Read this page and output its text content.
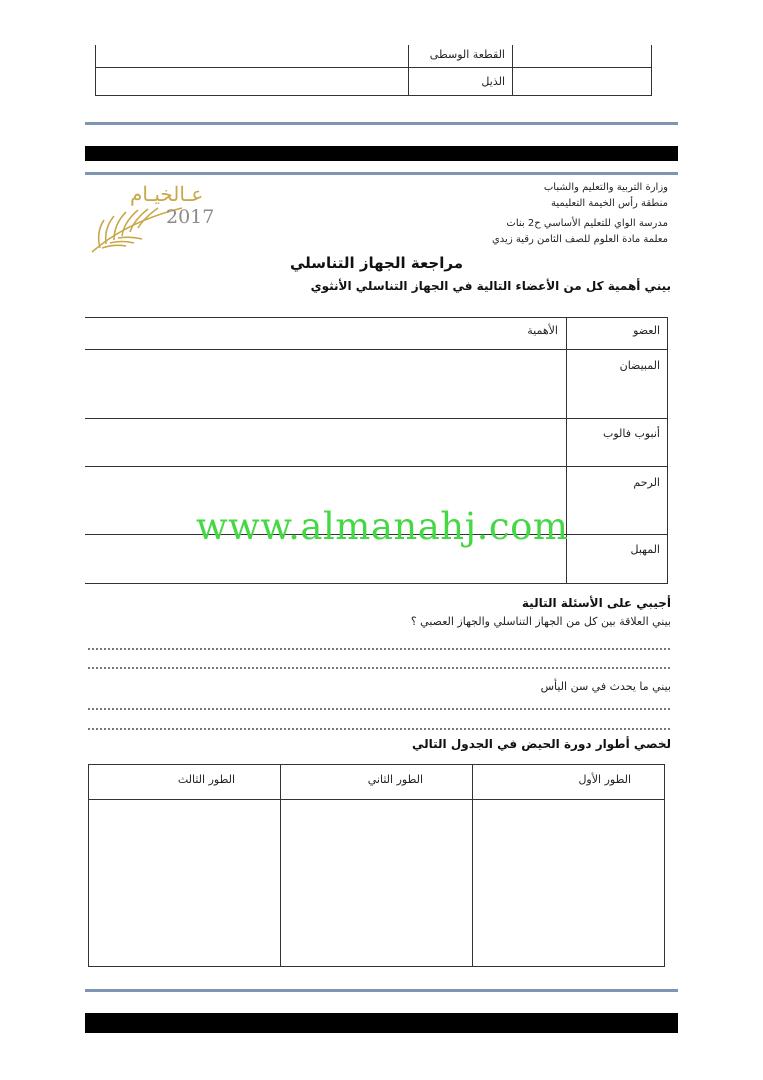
القطعة الوسطى
الذيل
عـالخيـام
2017
وزارة التربية والتعليم والشباب
منطقة رأس الخيمة التعليمية
مدرسة الواي للتعليم الأساسي ح2 بنات
معلمة مادة العلوم للصف الثامن رقية زيدي
مراجعة الجهاز التناسلي
بيني أهمية كل من الأعضاء التالية في الجهاز التناسلي الأنثوي
العضو
الأهمية
المبيضان
أنبوب فالوب
الرحم
المهبل
www.almanahj.com
أجيبي على الأسئلة التالية
بيني العلاقة بين كل من الجهاز التناسلي والجهاز العصبي ؟
بيني ما يحدث في سن اليأس
لخصي أطوار دورة الحيض في الجدول التالي
الطور الأول
الطور الثاني
الطور الثالث
